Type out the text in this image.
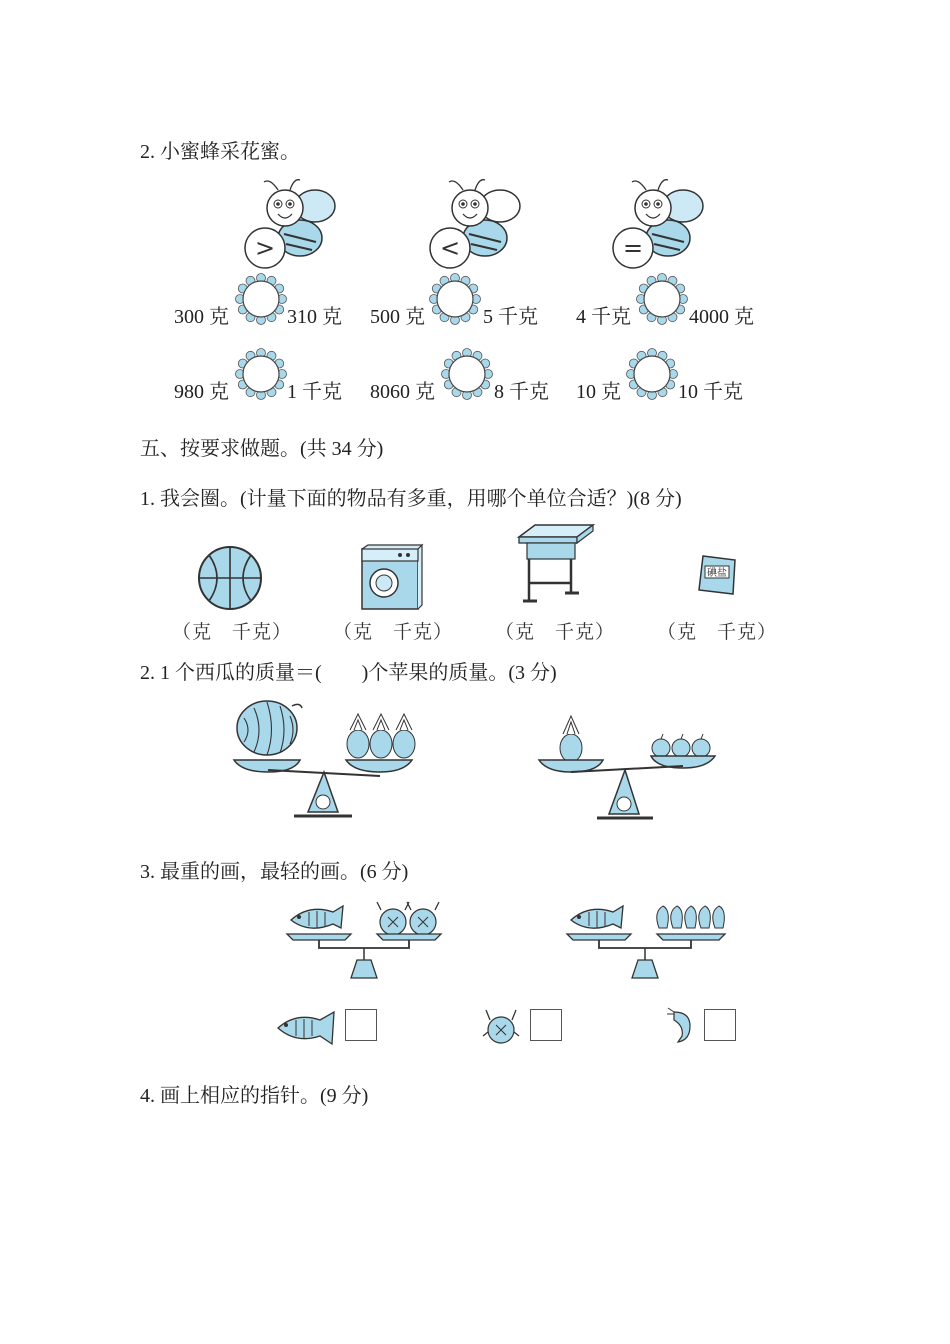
2. 小蜜蜂采花蜜。
>	<	=
300 克	310 克 500 克	5 千克 4 千克	4000 克
980 克	1 千克 8060 克	8 千克 10 克	10 千克
五、按要求做题。(共 34 分)
1. 我会圈。(计量下面的物品有多重，用哪个单位合适？)(8 分)
碘盐
（克　千克） （克　千克） （克　千克） （克　千克）
2. 1 个西瓜的质量＝(　　)个苹果的质量。(3 分)
3. 最重的画，最轻的画。(6 分)
4. 画上相应的指针。(9 分)
